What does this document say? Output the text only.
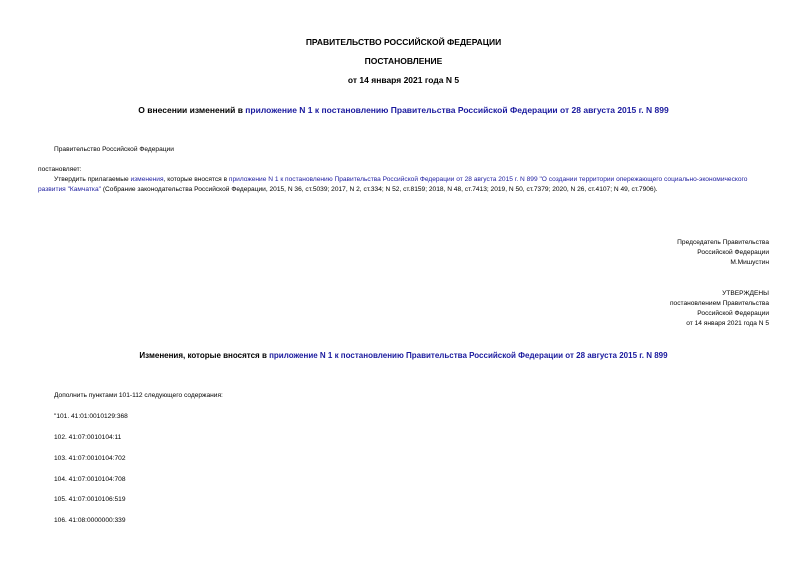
ПРАВИТЕЛЬСТВО РОССИЙСКОЙ ФЕДЕРАЦИИ
ПОСТАНОВЛЕНИЕ
от 14 января 2021 года N 5
О внесении изменений в приложение N 1 к постановлению Правительства Российской Федерации от 28 августа 2015 г. N 899
Правительство Российской Федерации
постановляет:
Утвердить прилагаемые изменения, которые вносятся в приложение N 1 к постановлению Правительства Российской Федерации от 28 августа 2015 г. N 899 "О создании территории опережающего социально-экономического развития "Камчатка" (Собрание законодательства Российской Федерации, 2015, N 36, ст.5039; 2017, N 2, ст.334; N 52, ст.8159; 2018, N 48, ст.7413; 2019, N 50, ст.7379; 2020, N 26, ст.4107; N 49, ст.7906).
Председатель Правительства
Российской Федерации
М.Мишустин
УТВЕРЖДЕНЫ
постановлением Правительства
Российской Федерации
от 14 января 2021 года N 5
Изменения, которые вносятся в приложение N 1 к постановлению Правительства Российской Федерации от 28 августа 2015 г. N 899
Дополнить пунктами 101-112 следующего содержания:
"101. 41:01:0010129:368
102. 41:07:0010104:11
103. 41:07:0010104:702
104. 41:07:0010104:708
105. 41:07:0010106:519
106. 41:08:0000000:339
